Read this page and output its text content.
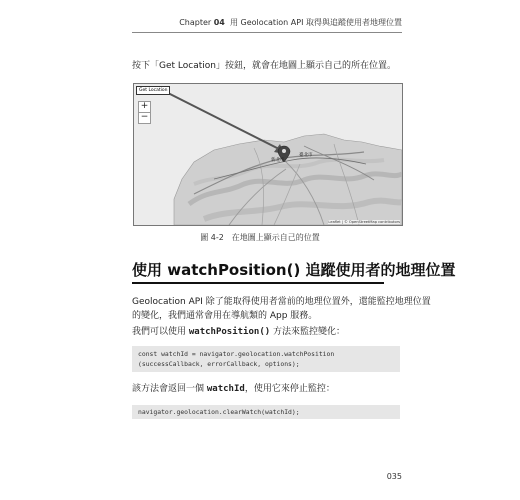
Chapter 04 用 Geolocation API 取得與追蹤使用者地理位置
按下「Get Location」按鈕，就會在地圖上顯示自己的所在位置。
新北市
臺北市
Get Location
+
−
Leaflet | © OpenStreetMap contributors
圖 4-2　在地圖上顯示自己的位置
使用 watchPosition() 追蹤使用者的地理位置
Geolocation API 除了能取得使用者當前的地理位置外，還能監控地理位置
的變化，我們通常會用在導航類的 App 服務。
我們可以使用 watchPosition() 方法來監控變化：
const watchId = navigator.geolocation.watchPosition
(successCallback, errorCallback, options);
該方法會返回一個 watchId，使用它來停止監控：
navigator.geolocation.clearWatch(watchId);
035
